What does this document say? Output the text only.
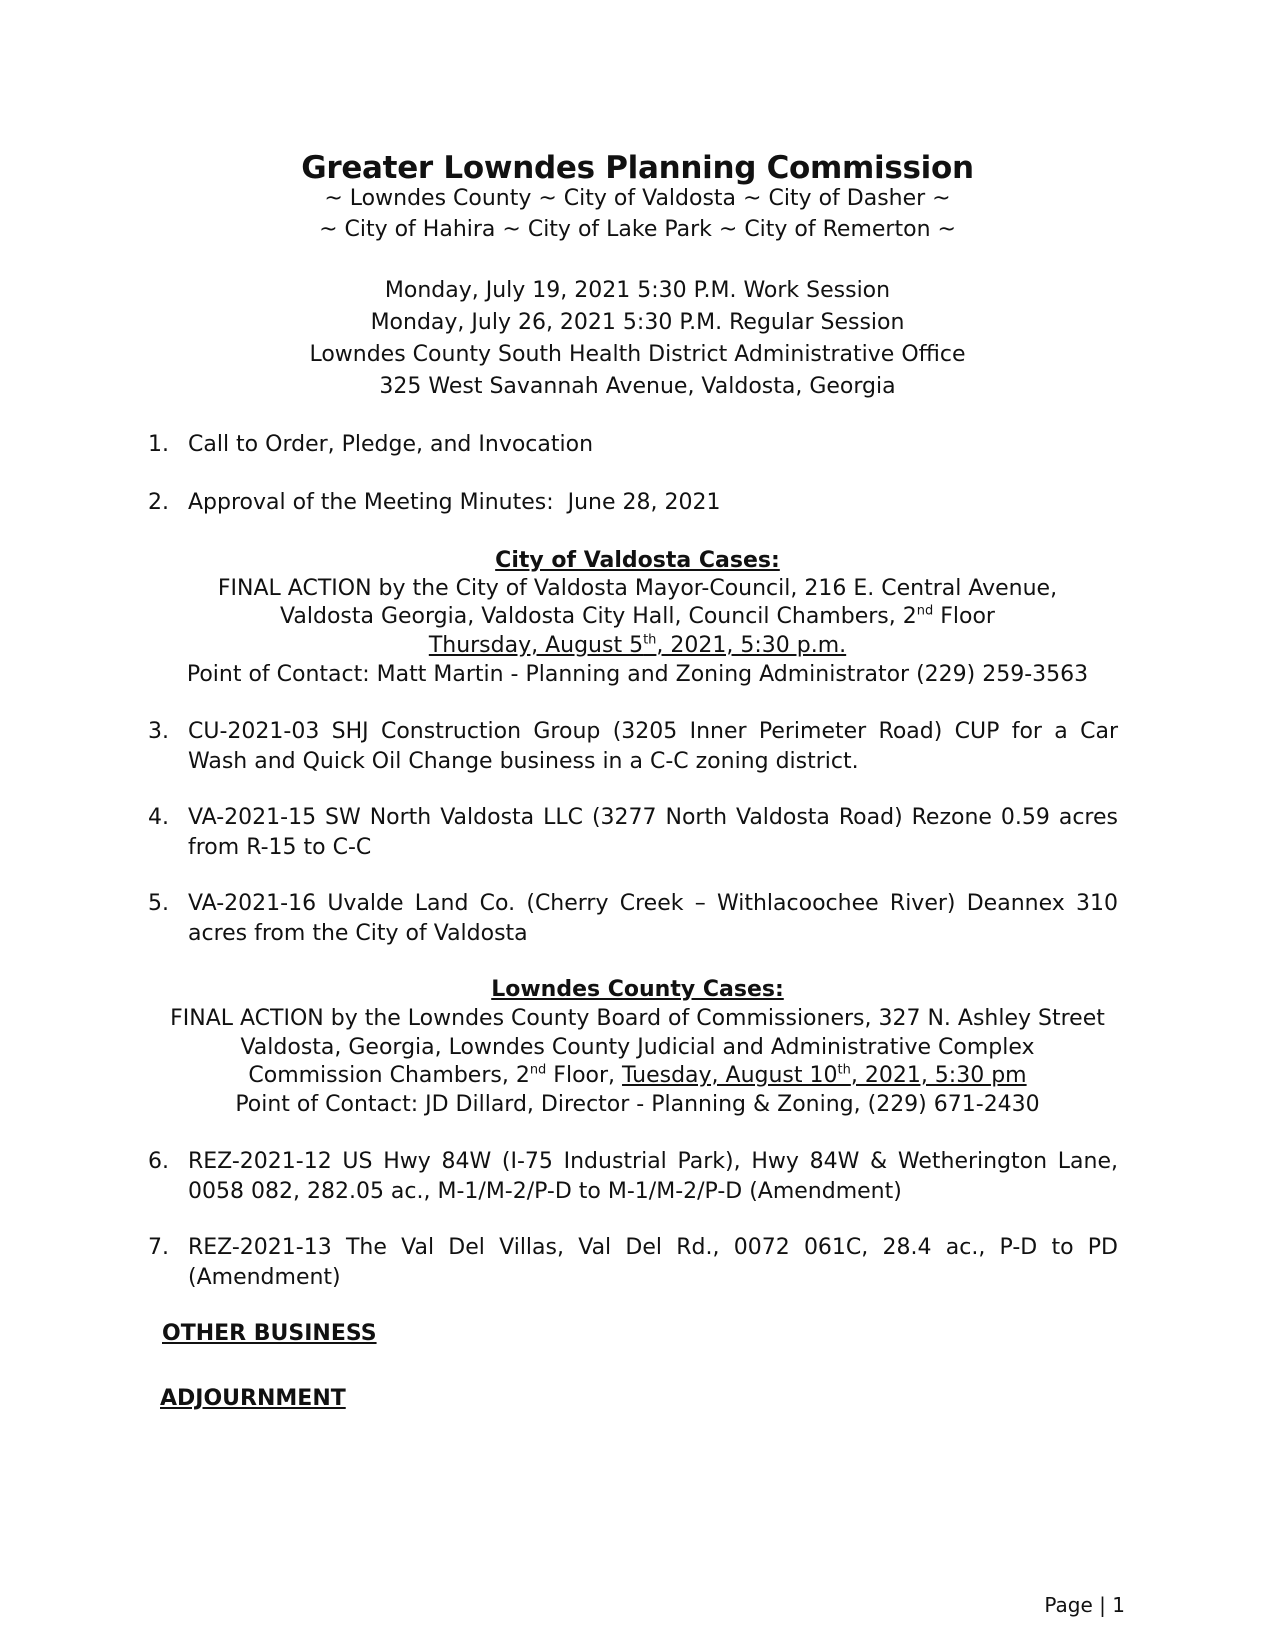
Greater Lowndes Planning Commission
~ Lowndes County ~ City of Valdosta ~ City of Dasher ~
~ City of Hahira ~ City of Lake Park ~ City of Remerton ~
Monday, July 19, 2021 5:30 P.M. Work Session
Monday, July 26, 2021 5:30 P.M. Regular Session
Lowndes County South Health District Administrative Office
325 West Savannah Avenue, Valdosta, Georgia
1. Call to Order, Pledge, and Invocation
2. Approval of the Meeting Minutes:  June 28, 2021
City of Valdosta Cases:
FINAL ACTION by the City of Valdosta Mayor-Council, 216 E. Central Avenue,
Valdosta Georgia, Valdosta City Hall, Council Chambers, 2nd Floor
Thursday, August 5th, 2021, 5:30 p.m.
Point of Contact: Matt Martin - Planning and Zoning Administrator (229) 259-3563
3. CU-2021-03 SHJ Construction Group (3205 Inner Perimeter Road) CUP for a Car Wash and Quick Oil Change business in a C-C zoning district.
4. VA-2021-15 SW North Valdosta LLC (3277 North Valdosta Road) Rezone 0.59 acres from R-15 to C-C
5. VA-2021-16 Uvalde Land Co. (Cherry Creek – Withlacoochee River) Deannex 310 acres from the City of Valdosta
Lowndes County Cases:
FINAL ACTION by the Lowndes County Board of Commissioners, 327 N. Ashley Street
Valdosta, Georgia, Lowndes County Judicial and Administrative Complex
Commission Chambers, 2nd Floor, Tuesday, August 10th, 2021, 5:30 pm
Point of Contact: JD Dillard, Director - Planning & Zoning, (229) 671-2430
6. REZ-2021-12 US Hwy 84W (I-75 Industrial Park), Hwy 84W & Wetherington Lane, 0058 082, 282.05 ac., M-1/M-2/P-D to M-1/M-2/P-D (Amendment)
7. REZ-2021-13 The Val Del Villas, Val Del Rd., 0072 061C, 28.4 ac., P-D to PD (Amendment)
OTHER BUSINESS
ADJOURNMENT
Page | 1
